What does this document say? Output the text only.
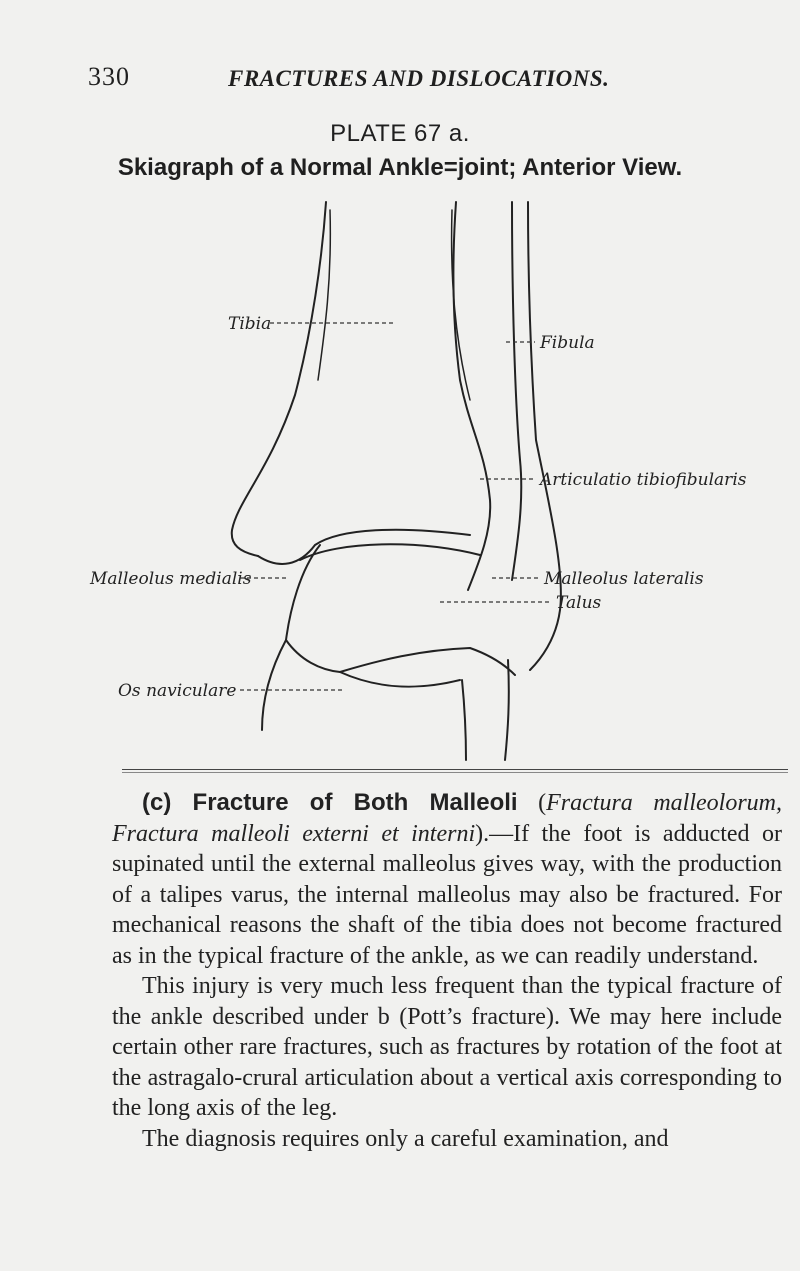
330	FRACTURES AND DISLOCATIONS.
PLATE 67 a.
Skiagraph of a Normal Ankle=joint; Anterior View.
Tibia
Fibula
Articulatio tibiofibularis
Malleolus medialis	Malleolus lateralis
Talus
Os naviculare

(c) Fracture of Both Malleoli (Fractura malleolorum, Fractura malleoli externi et interni).—If the foot is adducted or supinated until the external malleolus gives way, with the production of a talipes varus, the internal malleolus may also be fractured. For mechanical reasons the shaft of the tibia does not become fractured as in the typical fracture of the ankle, as we can readily understand.

This injury is very much less frequent than the typical fracture of the ankle described under b (Pott’s fracture). We may here include certain other rare fractures, such as fractures by rotation of the foot at the astragalo-crural articulation about a vertical axis corresponding to the long axis of the leg.

The diagnosis requires only a careful examination, and
